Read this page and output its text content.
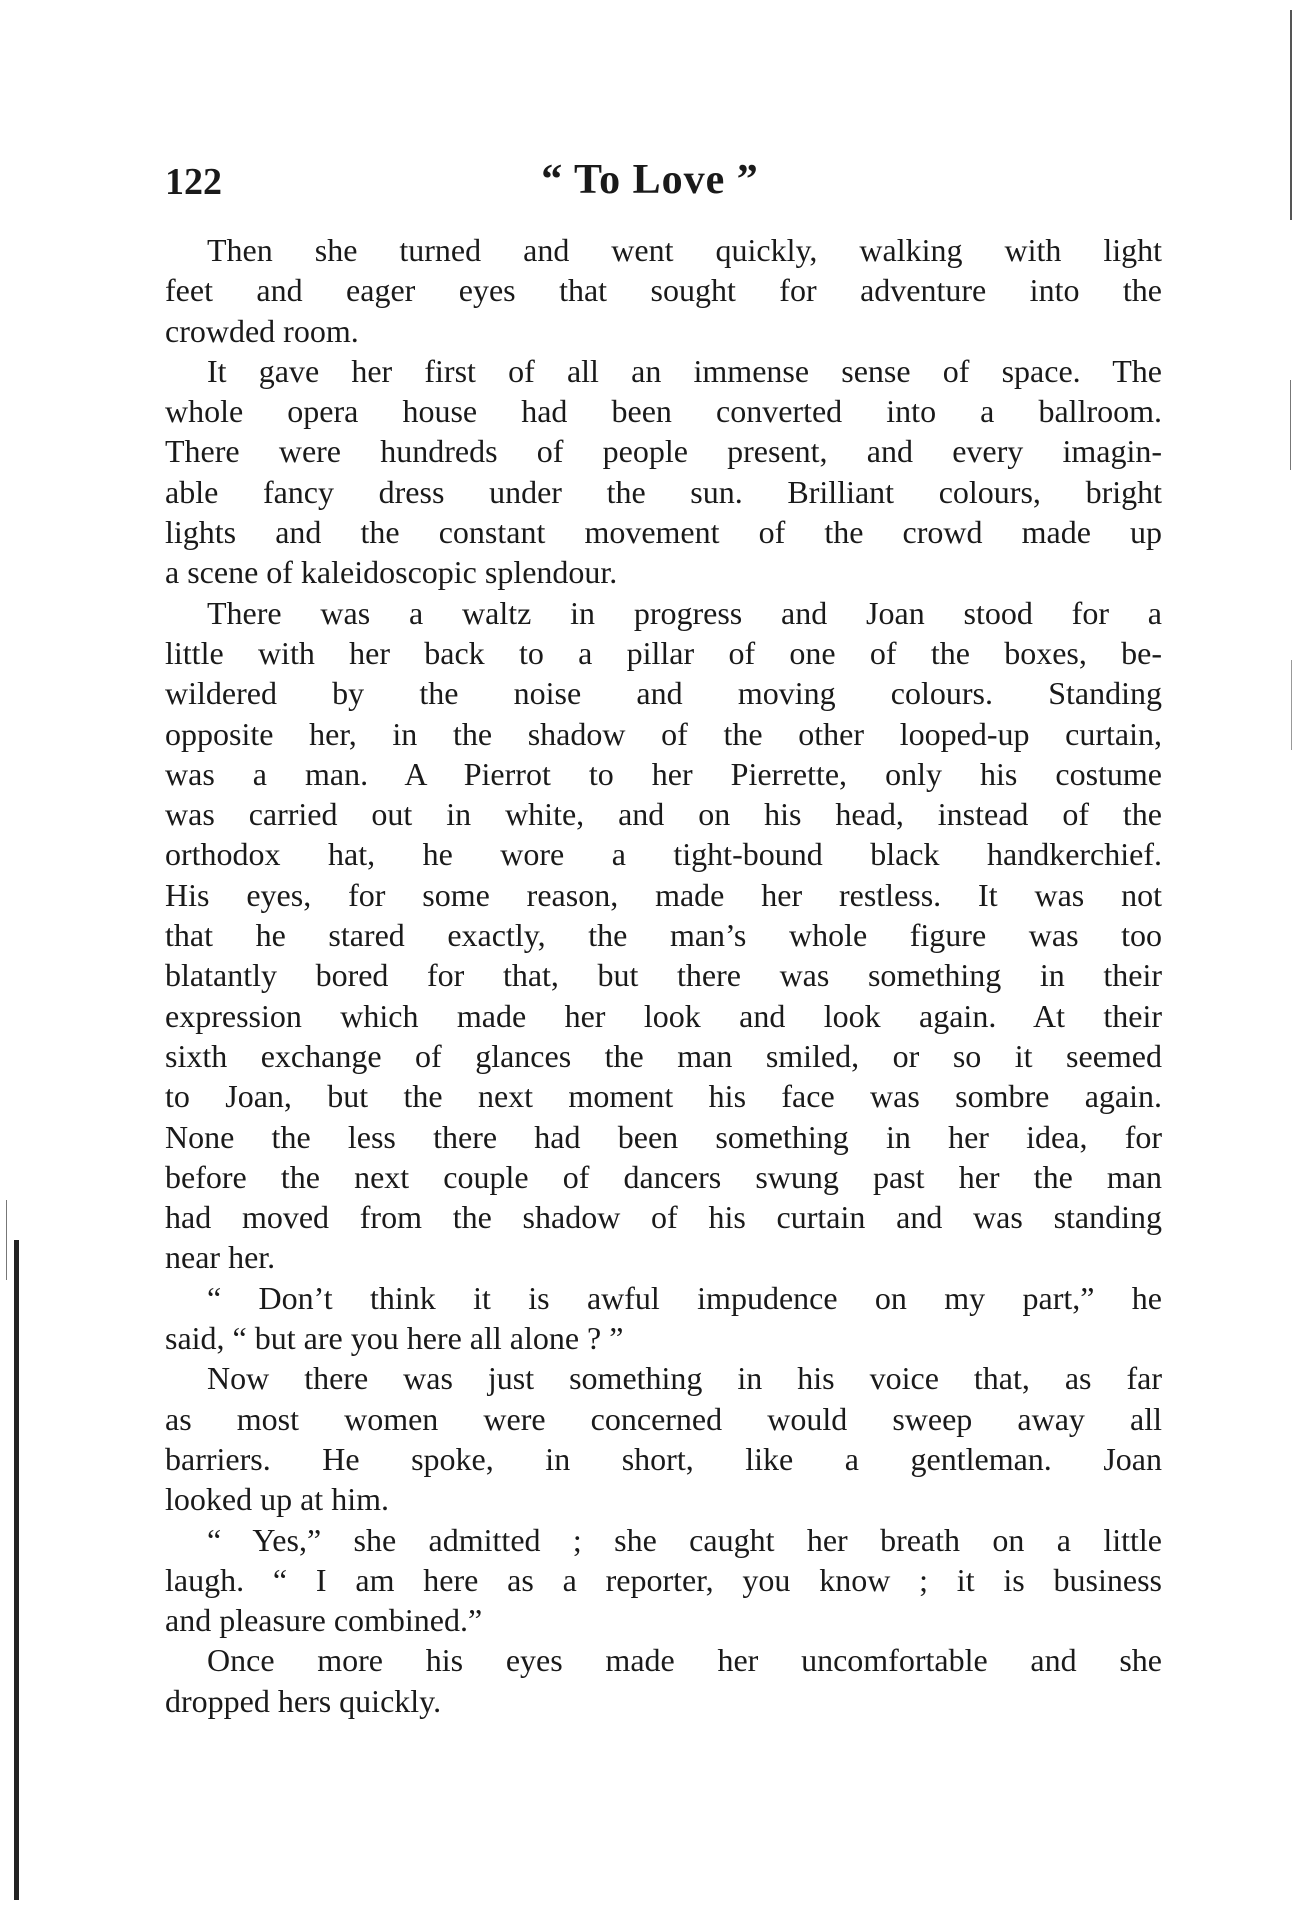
122	“ To Love ”
Then she turned and went quickly, walking with light
feet and eager eyes that sought for adventure into the
crowded room.
It gave her first of all an immense sense of space. The
whole opera house had been converted into a ballroom.
There were hundreds of people present, and every imagin-
able fancy dress under the sun. Brilliant colours, bright
lights and the constant movement of the crowd made up
a scene of kaleidoscopic splendour.
There was a waltz in progress and Joan stood for a
little with her back to a pillar of one of the boxes, be-
wildered by the noise and moving colours. Standing
opposite her, in the shadow of the other looped-up curtain,
was a man. A Pierrot to her Pierrette, only his costume
was carried out in white, and on his head, instead of the
orthodox hat, he wore a tight-bound black handkerchief.
His eyes, for some reason, made her restless. It was not
that he stared exactly, the man’s whole figure was too
blatantly bored for that, but there was something in their
expression which made her look and look again. At their
sixth exchange of glances the man smiled, or so it seemed
to Joan, but the next moment his face was sombre again.
None the less there had been something in her idea, for
before the next couple of dancers swung past her the man
had moved from the shadow of his curtain and was standing
near her.
“ Don’t think it is awful impudence on my part,” he
said, “ but are you here all alone ? ”
Now there was just something in his voice that, as far
as most women were concerned would sweep away all
barriers. He spoke, in short, like a gentleman. Joan
looked up at him.
“ Yes,” she admitted ; she caught her breath on a little
laugh. “ I am here as a reporter, you know ; it is business
and pleasure combined.”
Once more his eyes made her uncomfortable and she
dropped hers quickly.
